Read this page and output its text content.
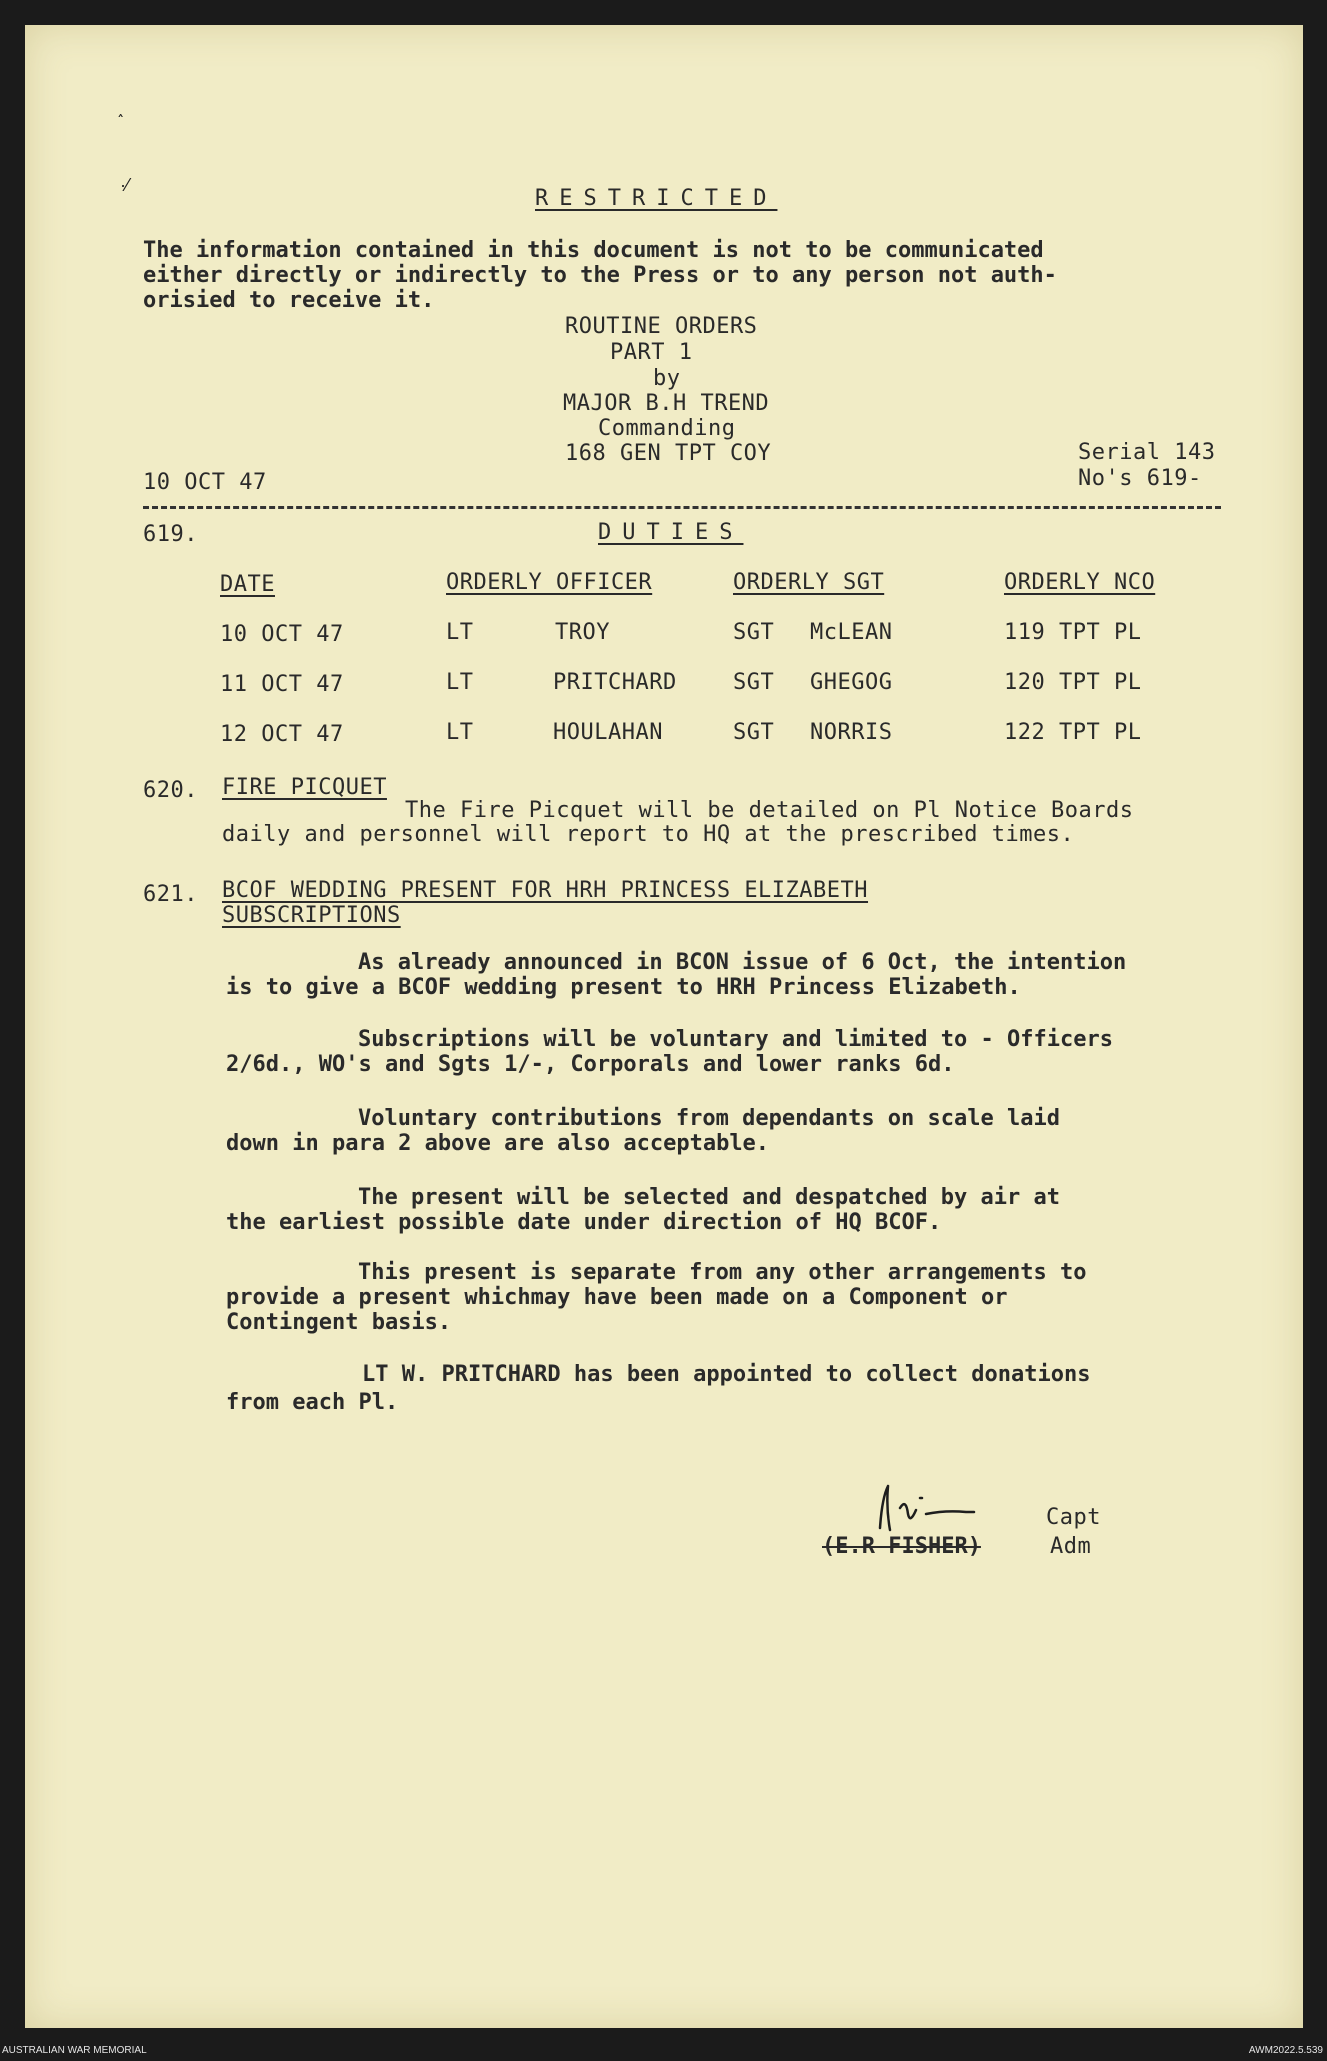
˰
·⁄
RESTRICTED
The information contained in this document is not to be communicated
either directly or indirectly to the Press or to any person not auth-
orisied to receive it.
ROUTINE ORDERS
PART 1
by
MAJOR B.H TREND
Commanding
168 GEN TPT COY
10 OCT 47
Serial 143
No's 619-
619.	DUTIES
DATE	ORDERLY OFFICER	ORDERLY SGT	ORDERLY NCO
10 OCT 47	LT	TROY	SGT McLEAN	119 TPT PL
11 OCT 47	LT	PRITCHARD	SGT GHEGOG	120 TPT PL
12 OCT 47	LT	HOULAHAN	SGT NORRIS	122 TPT PL
620. FIRE PICQUET
The Fire Picquet will be detailed on Pl Notice Boards
daily and personnel will report to HQ at the prescribed times.
621. BCOF WEDDING PRESENT FOR HRH PRINCESS ELIZABETH
SUBSCRIPTIONS
As already announced in BCON issue of 6 Oct, the intention
is to give a BCOF wedding present to HRH Princess Elizabeth.
Subscriptions will be voluntary and limited to - Officers
2/6d., WO's and Sgts 1/-, Corporals and lower ranks 6d.
Voluntary contributions from dependants on scale laid
down in para 2 above are also acceptable.
The present will be selected and despatched by air at
the earliest possible date under direction of HQ BCOF.
This present is separate from any other arrangements to
provide a present whichmay have been made on a Component or
Contingent basis.
LT W. PRITCHARD has been appointed to collect donations
from each Pl.
Capt
(E.R FISHER)	Adm
AUSTRALIAN WAR MEMORIAL	AWM2022.5.539
